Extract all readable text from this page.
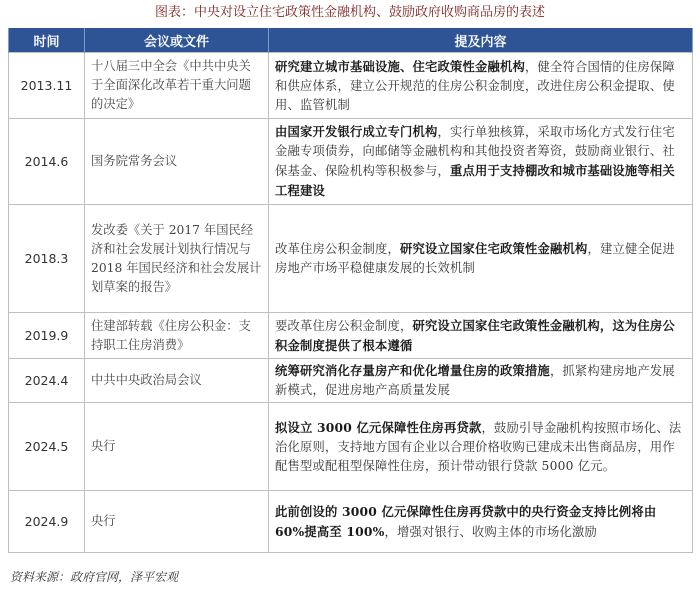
图表：中央对设立住宅政策性金融机构、鼓励政府收购商品房的表述
时间	会议或文件	提及内容
2013.11	十八届三中全会《中共中央关于全面深化改革若干重大问题的决定》	研究建立城市基础设施、住宅政策性金融机构，健全符合国情的住房保障和供应体系，建立公开规范的住房公积金制度，改进住房公积金提取、使用、监管机制
2014.6	国务院常务会议	由国家开发银行成立专门机构，实行单独核算，采取市场化方式发行住宅金融专项债券，向邮储等金融机构和其他投资者筹资，鼓励商业银行、社保基金、保险机构等积极参与，重点用于支持棚改和城市基础设施等相关工程建设
2018.3	发改委《关于 2017 年国民经济和社会发展计划执行情况与 2018 年国民经济和社会发展计划草案的报告》	改革住房公积金制度，研究设立国家住宅政策性金融机构，建立健全促进房地产市场平稳健康发展的长效机制
2019.9	住建部转载《住房公积金：支持职工住房消费》	要改革住房公积金制度，研究设立国家住宅政策性金融机构，这为住房公积金制度提供了根本遵循
2024.4	中共中央政治局会议	统筹研究消化存量房产和优化增量住房的政策措施，抓紧构建房地产发展新模式，促进房地产高质量发展
2024.5	央行	拟设立 3000 亿元保障性住房再贷款，鼓励引导金融机构按照市场化、法治化原则，支持地方国有企业以合理价格收购已建成未出售商品房，用作配售型或配租型保障性住房，预计带动银行贷款 5000 亿元。
2024.9	央行	此前创设的 3000 亿元保障性住房再贷款中的央行资金支持比例将由 60%提高至 100%，增强对银行、收购主体的市场化激励
资料来源：政府官网，泽平宏观
